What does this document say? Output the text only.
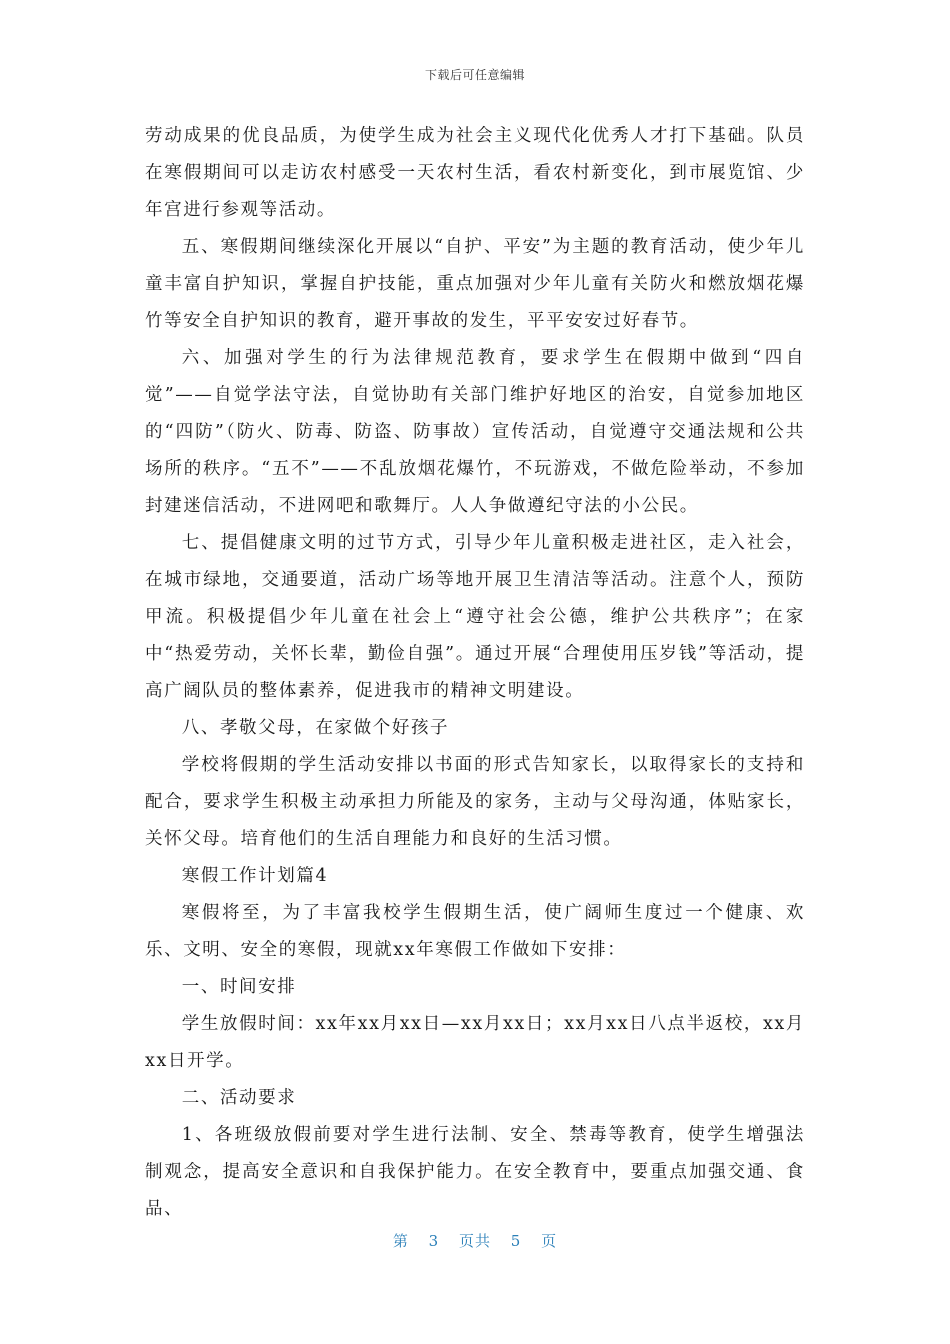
下载后可任意编辑

劳动成果的优良品质，为使学生成为社会主义现代化优秀人才打下基础。队员在寒假期间可以走访农村感受一天农村生活，看农村新变化，到市展览馆、少年宫进行参观等活动。

五、寒假期间继续深化开展以“自护、平安”为主题的教育活动，使少年儿童丰富自护知识，掌握自护技能，重点加强对少年儿童有关防火和燃放烟花爆竹等安全自护知识的教育，避开事故的发生，平平安安过好春节。

六、加强对学生的行为法律规范教育，要求学生在假期中做到“四自觉”——自觉学法守法，自觉协助有关部门维护好地区的治安，自觉参加地区的“四防”（防火、防毒、防盗、防事故）宣传活动，自觉遵守交通法规和公共场所的秩序。“五不”——不乱放烟花爆竹，不玩游戏，不做危险举动，不参加封建迷信活动，不进网吧和歌舞厅。人人争做遵纪守法的小公民。

七、提倡健康文明的过节方式，引导少年儿童积极走进社区，走入社会，在城市绿地，交通要道，活动广场等地开展卫生清洁等活动。注意个人，预防甲流。积极提倡少年儿童在社会上“遵守社会公德，维护公共秩序”；在家中“热爱劳动，关怀长辈，勤俭自强”。通过开展“合理使用压岁钱”等活动，提高广阔队员的整体素养，促进我市的精神文明建设。

八、孝敬父母，在家做个好孩子

学校将假期的学生活动安排以书面的形式告知家长，以取得家长的支持和配合，要求学生积极主动承担力所能及的家务，主动与父母沟通，体贴家长，关怀父母。培育他们的生活自理能力和良好的生活习惯。

寒假工作计划篇4

寒假将至，为了丰富我校学生假期生活，使广阔师生度过一个健康、欢乐、文明、安全的寒假，现就xx年寒假工作做如下安排：

一、时间安排

学生放假时间：xx年xx月xx日—xx月xx日；xx月xx日八点半返校，xx月xx日开学。

二、活动要求

1、各班级放假前要对学生进行法制、安全、禁毒等教育，使学生增强法制观念，提高安全意识和自我保护能力。在安全教育中，要重点加强交通、食品、

第 3 页共 5 页
